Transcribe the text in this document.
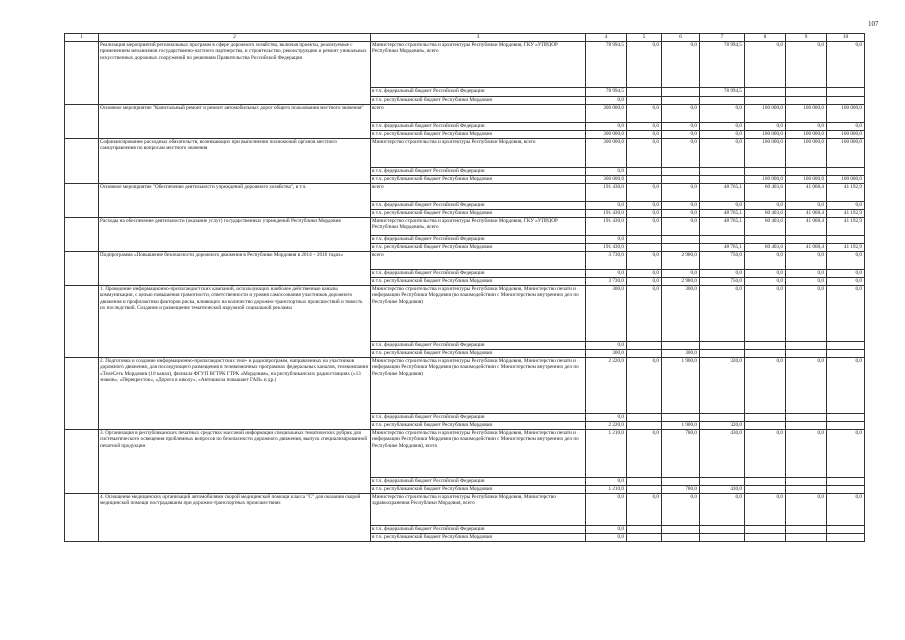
107
1	2	3	4	5	6	7	8	9	10
	Реализация мероприятий региональных программ в сфере дорожного хозяйства, включая проекты, реализуемые с применением механизмов государственно-частного партнерства, и строительство, реконструкцию и ремонт уникальных искусственных дорожных сооружений по решениям Правительства Российской Федерации	Министерство строительства и архитектуры Республики Мордовия, ГКУ «УПРДОР Республики Мордовия», всего	78 994,5	0,0	0,0	78 994,5	0,0	0,0	0,0
		в т.ч. федеральный бюджет Российской Федерации	78 994,5			78 994,5			
		в т.ч. республиканский бюджет Республики Мордовия	0,0						
	Основное мероприятие "Капитальный ремонт и ремонт автомобильных дорог общего пользования местного значения"	всего	300 000,0	0,0	0,0	0,0	100 000,0	100 000,0	100 000,0
		в т.ч. федеральный бюджет Российской Федерации	0,0	0,0	0,0	0,0	0,0	0,0	0,0
		в т.ч. республиканский бюджет Республики Мордовия	300 000,0	0,0	0,0	0,0	100 000,0	100 000,0	100 000,0
	Софинансирование расходных обязательств, возникающих при выполнении полномочий органов местного самоуправления по вопросам местного значения	Министерство строительства и архитектуры Республики Мордовия, всего	300 000,0	0,0	0,0	0,0	100 000,0	100 000,0	100 000,0
		в т.ч. федеральный бюджет Российской Федерации	0,0						
		в т.ч. республиканский бюджет Республики Мордовия	300 000,0				100 000,0	100 000,0	100 000,0
	Основное мероприятие "Обеспечение деятельности учреждений дорожного хозяйства", в т.ч.	всего	191 430,0	0,0	0,0	48 765,1	60 403,6	41 068,4	41 192,9
		в т.ч. федеральный бюджет Российской Федерации	0,0	0,0	0,0	0,0	0,0	0,0	0,0
		в т.ч. республиканский бюджет Республики Мордовия	191 430,0	0,0	0,0	48 765,1	60 403,6	41 068,4	41 192,9
	Расходы на обеспечение деятельности (оказание услуг) государственных учреждений Республики Мордовия	Министерство строительства и архитектуры Республики Мордовия, ГКУ «УПРДОР Республики Мордовия», всего	191 430,0	0,0	0,0	48 765,1	60 403,6	41 068,4	41 192,9
		в т.ч. федеральный бюджет Российской Федерации	0,0						
		в т.ч. республиканский бюджет Республики Мордовия	191 430,0			48 765,1	60 403,6	41 068,4	41 192,9
	Подпрограмма «Повышение безопасности дорожного движения в Республике Мордовия в 2014 – 2016 годах»	всего	3 730,0	0,0	2 980,0	750,0	0,0	0,0	0,0
		в т.ч. федеральный бюджет Российской Федерации	0,0	0,0	0,0	0,0	0,0	0,0	0,0
		в т.ч. республиканский бюджет Республики Мордовия	3 730,0	0,0	2 980,0	750,0	0,0	0,0	0,0
	1. Проведение информационно-пропагандистских кампаний, использующих наиболее действенные каналы коммуникации, с целью повышения грамотности, ответственности и уровня самосознания участников дорожного движения и профилактики факторов риска, влияющих на количество дорожно-транспортных происшествий и тяжесть их последствий. Создание и размещение тематической наружной социальной рекламы	Министерство строительства и архитектуры Республики Мордовия, Министерство печати и информации Республики Мордовия (во взаимодействии с Министерством внутренних дел по Республике Мордовия)	300,0	0,0	300,0	0,0	0,0	0,0	0,0
		в т.ч. федеральный бюджет Российской Федерации	0,0						
		в т.ч. республиканский бюджет Республики Мордовия	300,0		300,0				
	2. Подготовка и создание информационно-пропагандистских теле- и радиопрограмм, направленных на участников дорожного движения, для последующего размещения в телевизионных программах федеральных каналов, телекомпании «ТелеСеть Мордовии (10 канал), филиала ФГУП ВГТРК ГТРК «Мордовия», на республиканских радиостанциях («13 знаков», «Перекресток», «Дорога в школу», «Автошкола повышает ГАИ» и др.)	Министерство строительства и архитектуры Республики Мордовия, Министерство печати и информации Республики Мордовия (во взаимодействии с Министерством внутренних дел по Республике Мордовия)	2 220,0	0,0	1 900,0	320,0	0,0	0,0	0,0
		в т.ч. федеральный бюджет Российской Федерации	0,0						
		в т.ч. республиканский бюджет Республики Мордовия	2 220,0		1 900,0	320,0			
	3. Организация в республиканских печатных средствах массовой информации специальных тематических рубрик для систематического освещения проблемных вопросов по безопасности дорожного движения, выпуск специализированной печатной продукции	Министерство строительства и архитектуры Республики Мордовия, Министерство печати и информации Республики Мордовия (во взаимодействии с Министерством внутренних дел по Республике Мордовия), всего	1 210,0	0,0	780,0	430,0	0,0	0,0	0,0
		в т.ч. федеральный бюджет Российской Федерации	0,0						
		в т.ч. республиканский бюджет Республики Мордовия	1 210,0		780,0	430,0			
	4. Оснащение медицинских организаций автомобилями скорой медицинской помощи класса "С" для оказания скорой медицинской помощи пострадавшим при дорожно-транспортных происшествиях	Министерство строительства и архитектуры Республики Мордовия, Министерство здравоохранения Республики Мордовия, всего	0,0	0,0	0,0	0,0	0,0	0,0	0,0
		в т.ч. федеральный бюджет Российской Федерации	0,0						
		в т.ч. республиканский бюджет Республики Мордовия	0,0						
